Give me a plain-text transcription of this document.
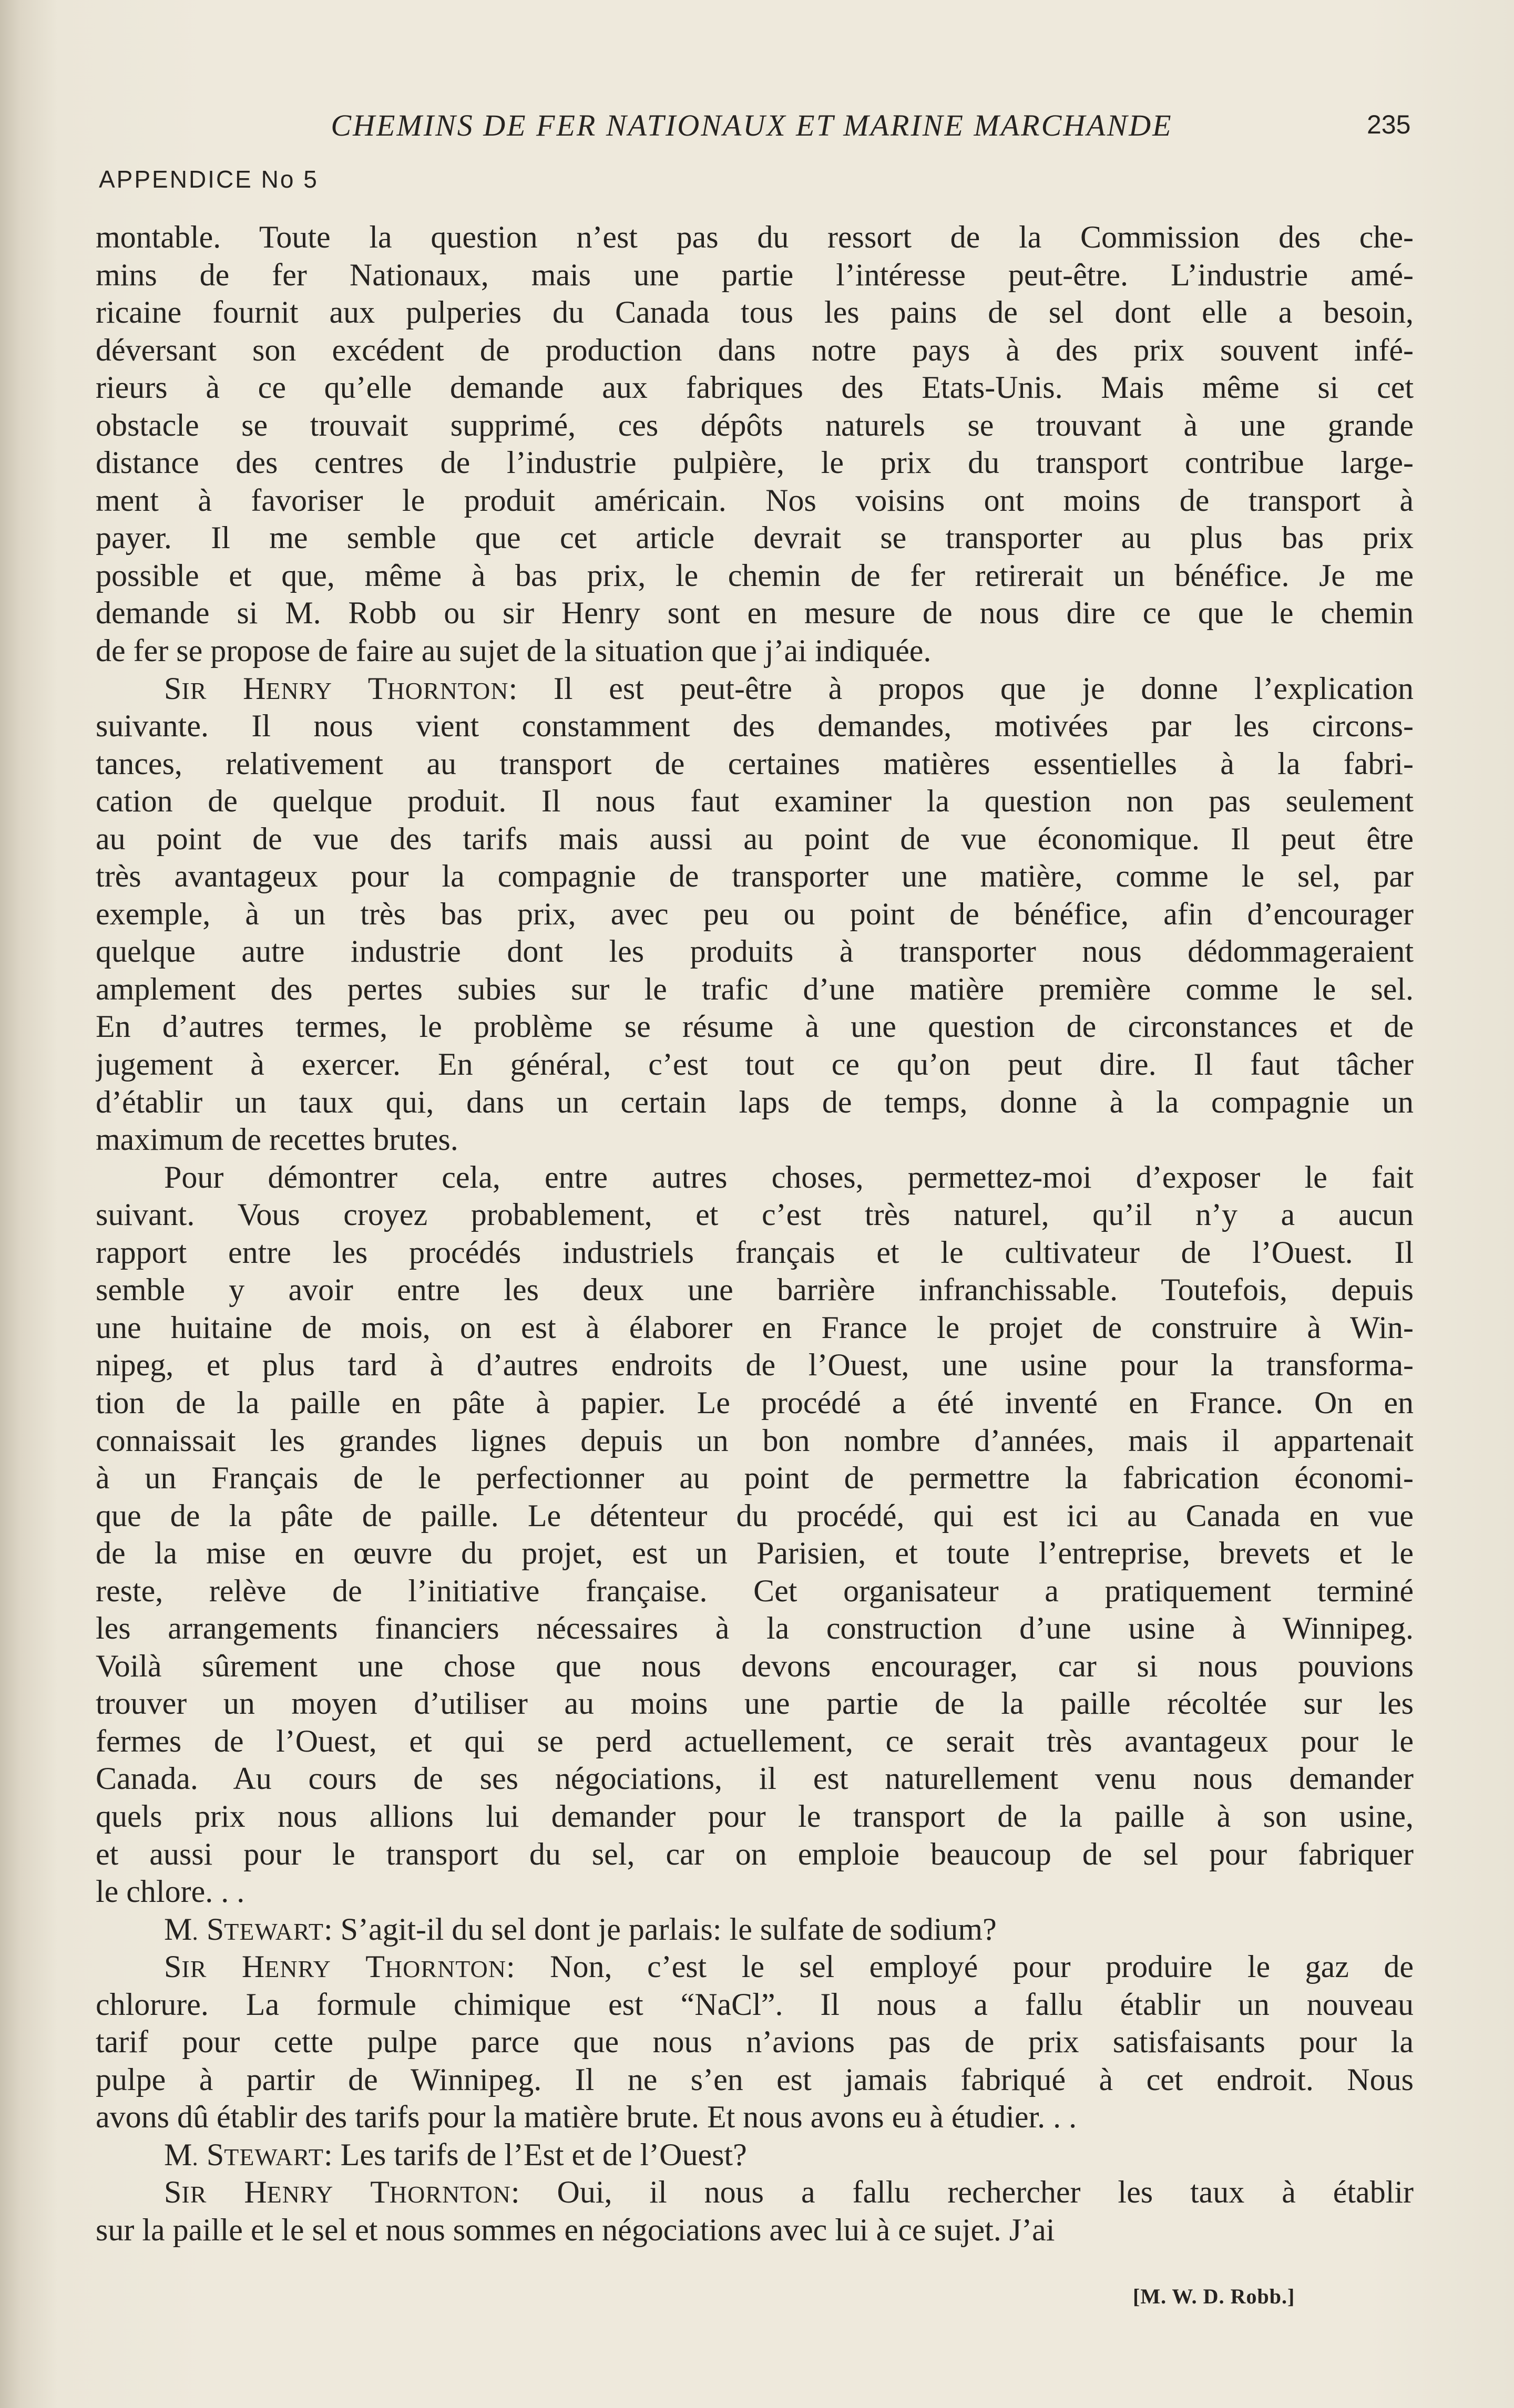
CHEMINS DE FER NATIONAUX ET MARINE MARCHANDE	235
APPENDICE No 5
montable. Toute la question n’est pas du ressort de la Commission des che-
mins de fer Nationaux, mais une partie l’intéresse peut-être. L’industrie amé-
ricaine fournit aux pulperies du Canada tous les pains de sel dont elle a besoin,
déversant son excédent de production dans notre pays à des prix souvent infé-
rieurs à ce qu’elle demande aux fabriques des Etats-Unis. Mais même si cet
obstacle se trouvait supprimé, ces dépôts naturels se trouvant à une grande
distance des centres de l’industrie pulpière, le prix du transport contribue large-
ment à favoriser le produit américain. Nos voisins ont moins de transport à
payer. Il me semble que cet article devrait se transporter au plus bas prix
possible et que, même à bas prix, le chemin de fer retirerait un bénéfice. Je me
demande si M. Robb ou sir Henry sont en mesure de nous dire ce que le chemin
de fer se propose de faire au sujet de la situation que j’ai indiquée.
SIR HENRY THORNTON: Il est peut-être à propos que je donne l’explication
suivante. Il nous vient constamment des demandes, motivées par les circons-
tances, relativement au transport de certaines matières essentielles à la fabri-
cation de quelque produit. Il nous faut examiner la question non pas seulement
au point de vue des tarifs mais aussi au point de vue économique. Il peut être
très avantageux pour la compagnie de transporter une matière, comme le sel, par
exemple, à un très bas prix, avec peu ou point de bénéfice, afin d’encourager
quelque autre industrie dont les produits à transporter nous dédommageraient
amplement des pertes subies sur le trafic d’une matière première comme le sel.
En d’autres termes, le problème se résume à une question de circonstances et de
jugement à exercer. En général, c’est tout ce qu’on peut dire. Il faut tâcher
d’établir un taux qui, dans un certain laps de temps, donne à la compagnie un
maximum de recettes brutes.
Pour démontrer cela, entre autres choses, permettez-moi d’exposer le fait
suivant. Vous croyez probablement, et c’est très naturel, qu’il n’y a aucun
rapport entre les procédés industriels français et le cultivateur de l’Ouest. Il
semble y avoir entre les deux une barrière infranchissable. Toutefois, depuis
une huitaine de mois, on est à élaborer en France le projet de construire à Win-
nipeg, et plus tard à d’autres endroits de l’Ouest, une usine pour la transforma-
tion de la paille en pâte à papier. Le procédé a été inventé en France. On en
connaissait les grandes lignes depuis un bon nombre d’années, mais il appartenait
à un Français de le perfectionner au point de permettre la fabrication économi-
que de la pâte de paille. Le détenteur du procédé, qui est ici au Canada en vue
de la mise en œuvre du projet, est un Parisien, et toute l’entreprise, brevets et le
reste, relève de l’initiative française. Cet organisateur a pratiquement terminé
les arrangements financiers nécessaires à la construction d’une usine à Winnipeg.
Voilà sûrement une chose que nous devons encourager, car si nous pouvions
trouver un moyen d’utiliser au moins une partie de la paille récoltée sur les
fermes de l’Ouest, et qui se perd actuellement, ce serait très avantageux pour le
Canada. Au cours de ses négociations, il est naturellement venu nous demander
quels prix nous allions lui demander pour le transport de la paille à son usine,
et aussi pour le transport du sel, car on emploie beaucoup de sel pour fabriquer
le chlore. . .
M. STEWART: S’agit-il du sel dont je parlais: le sulfate de sodium?
SIR HENRY THORNTON: Non, c’est le sel employé pour produire le gaz de
chlorure. La formule chimique est “NaCl”. Il nous a fallu établir un nouveau
tarif pour cette pulpe parce que nous n’avions pas de prix satisfaisants pour la
pulpe à partir de Winnipeg. Il ne s’en est jamais fabriqué à cet endroit. Nous
avons dû établir des tarifs pour la matière brute. Et nous avons eu à étudier. . .
M. STEWART: Les tarifs de l’Est et de l’Ouest?
SIR HENRY THORNTON: Oui, il nous a fallu rechercher les taux à établir
sur la paille et le sel et nous sommes en négociations avec lui à ce sujet. J’ai
[M. W. D. Robb.]
